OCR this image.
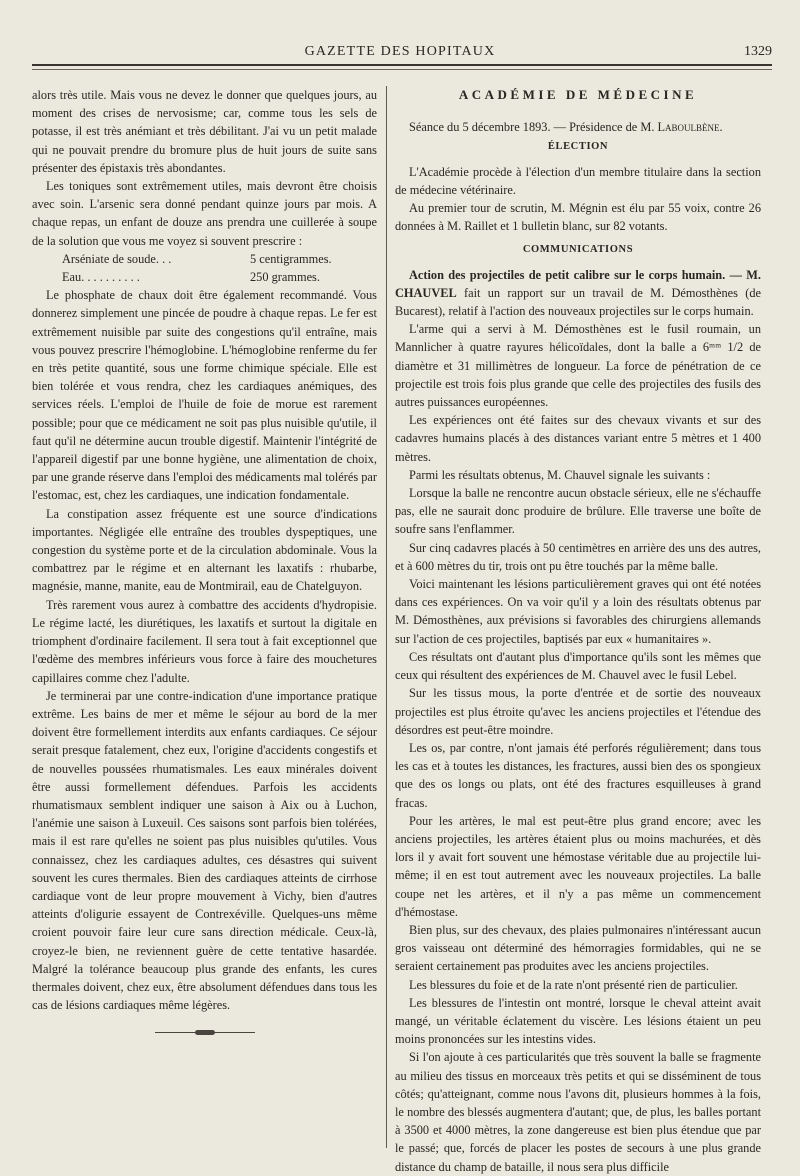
GAZETTE DES HOPITAUX	1329

alors très utile. Mais vous ne devez le donner que quelques jours, au moment des crises de nervosisme; car, comme tous les sels de potasse, il est très anémiant et très débilitant. J'ai vu un petit malade qui ne pouvait prendre du bromure plus de huit jours de suite sans présenter des épistaxis très abondantes.

Les toniques sont extrêmement utiles, mais devront être choisis avec soin. L'arsenic sera donné pendant quinze jours par mois. A chaque repas, un enfant de douze ans prendra une cuillerée à soupe de la solution que vous me voyez si souvent prescrire :

Arséniate de soude. . .	5 centigrammes.
Eau. . . . . . . . . .	250 grammes.

Le phosphate de chaux doit être également recommandé. Vous donnerez simplement une pincée de poudre à chaque repas. Le fer est extrêmement nuisible par suite des congestions qu'il entraîne, mais vous pouvez prescrire l'hémoglobine. L'hémoglobine renferme du fer en très petite quantité, sous une forme chimique spéciale. Elle est bien tolérée et vous rendra, chez les cardiaques anémiques, des services réels. L'emploi de l'huile de foie de morue est rarement possible; pour que ce médicament ne soit pas plus nuisible qu'utile, il faut qu'il ne détermine aucun trouble digestif. Maintenir l'intégrité de l'appareil digestif par une bonne hygiène, une alimentation de choix, par une grande réserve dans l'emploi des médicaments mal tolérés par l'estomac, est, chez les cardiaques, une indication fondamentale.

La constipation assez fréquente est une source d'indications importantes. Négligée elle entraîne des troubles dyspeptiques, une congestion du système porte et de la circulation abdominale. Vous la combattrez par le régime et en alternant les laxatifs : rhubarbe, magnésie, manne, manite, eau de Montmirail, eau de Chatelguyon.

Très rarement vous aurez à combattre des accidents d'hydropisie. Le régime lacté, les diurétiques, les laxatifs et surtout la digitale en triomphent d'ordinaire facilement. Il sera tout à fait exceptionnel que l'œdème des membres inférieurs vous force à faire des mouchetures capillaires comme chez l'adulte.

Je terminerai par une contre-indication d'une importance pratique extrême. Les bains de mer et même le séjour au bord de la mer doivent être formellement interdits aux enfants cardiaques. Ce séjour serait presque fatalement, chez eux, l'origine d'accidents congestifs et de nouvelles poussées rhumatismales. Les eaux minérales doivent être aussi formellement défendues. Parfois les accidents rhumatismaux semblent indiquer une saison à Aix ou à Luchon, l'anémie une saison à Luxeuil. Ces saisons sont parfois bien tolérées, mais il est rare qu'elles ne soient pas plus nuisibles qu'utiles. Vous connaissez, chez les cardiaques adultes, ces désastres qui suivent souvent les cures thermales. Bien des cardiaques atteints de cirrhose cardiaque vont de leur propre mouvement à Vichy, bien d'autres atteints d'oligurie essayent de Contrexéville. Quelques-uns même croient pouvoir faire leur cure sans direction médicale. Ceux-là, croyez-le bien, ne reviennent guère de cette tentative hasardée. Malgré la tolérance beaucoup plus grande des enfants, les cures thermales doivent, chez eux, être absolument défendues dans tous les cas de lésions cardiaques même légères.

ACADÉMIE DE MÉDECINE

Séance du 5 décembre 1893. — Présidence de M. Laboulbène.

ÉLECTION

L'Académie procède à l'élection d'un membre titulaire dans la section de médecine vétérinaire.

Au premier tour de scrutin, M. Mégnin est élu par 55 voix, contre 26 données à M. Raillet et 1 bulletin blanc, sur 82 votants.

COMMUNICATIONS

Action des projectiles de petit calibre sur le corps humain. — M. CHAUVEL fait un rapport sur un travail de M. Démosthènes (de Bucarest), relatif à l'action des nouveaux projectiles sur le corps humain.

L'arme qui a servi à M. Démosthènes est le fusil roumain, un Mannlicher à quatre rayures hélicoïdales, dont la balle a 6ᵐᵐ 1/2 de diamètre et 31 millimètres de longueur. La force de pénétration de ce projectile est trois fois plus grande que celle des projectiles des fusils des autres puissances européennes.

Les expériences ont été faites sur des chevaux vivants et sur des cadavres humains placés à des distances variant entre 5 mètres et 1 400 mètres.

Parmi les résultats obtenus, M. Chauvel signale les suivants :

Lorsque la balle ne rencontre aucun obstacle sérieux, elle ne s'échauffe pas, elle ne saurait donc produire de brûlure. Elle traverse une boîte de soufre sans l'enflammer.

Sur cinq cadavres placés à 50 centimètres en arrière des uns des autres, et à 600 mètres du tir, trois ont pu être touchés par la même balle.

Voici maintenant les lésions particulièrement graves qui ont été notées dans ces expériences. On va voir qu'il y a loin des résultats obtenus par M. Démosthènes, aux prévisions si favorables des chirurgiens allemands sur l'action de ces projectiles, baptisés par eux « humanitaires ».

Ces résultats ont d'autant plus d'importance qu'ils sont les mêmes que ceux qui résultent des expériences de M. Chauvel avec le fusil Lebel.

Sur les tissus mous, la porte d'entrée et de sortie des nouveaux projectiles est plus étroite qu'avec les anciens projectiles et l'étendue des désordres est peut-être moindre.

Les os, par contre, n'ont jamais été perforés régulièrement; dans tous les cas et à toutes les distances, les fractures, aussi bien des os spongieux que des os longs ou plats, ont été des fractures esquilleuses à grand fracas.

Pour les artères, le mal est peut-être plus grand encore; avec les anciens projectiles, les artères étaient plus ou moins machurées, et dès lors il y avait fort souvent une hémostase véritable due au projectile lui-même; il en est tout autrement avec les nouveaux projectiles. La balle coupe net les artères, et il n'y a pas même un commencement d'hémostase.

Bien plus, sur des chevaux, des plaies pulmonaires n'intéressant aucun gros vaisseau ont déterminé des hémorragies formidables, qui ne se seraient certainement pas produites avec les anciens projectiles.

Les blessures du foie et de la rate n'ont présenté rien de particulier.

Les blessures de l'intestin ont montré, lorsque le cheval atteint avait mangé, un véritable éclatement du viscère. Les lésions étaient un peu moins prononcées sur les intestins vides.

Si l'on ajoute à ces particularités que très souvent la balle se fragmente au milieu des tissus en morceaux très petits et qui se disséminent de tous côtés; qu'atteignant, comme nous l'avons dit, plusieurs hommes à la fois, le nombre des blessés augmentera d'autant; que, de plus, les balles portant à 3500 et 4000 mètres, la zone dangereuse est bien plus étendue que par le passé; que, forcés de placer les postes de secours à une plus grande distance du champ de bataille, il nous sera plus difficile
